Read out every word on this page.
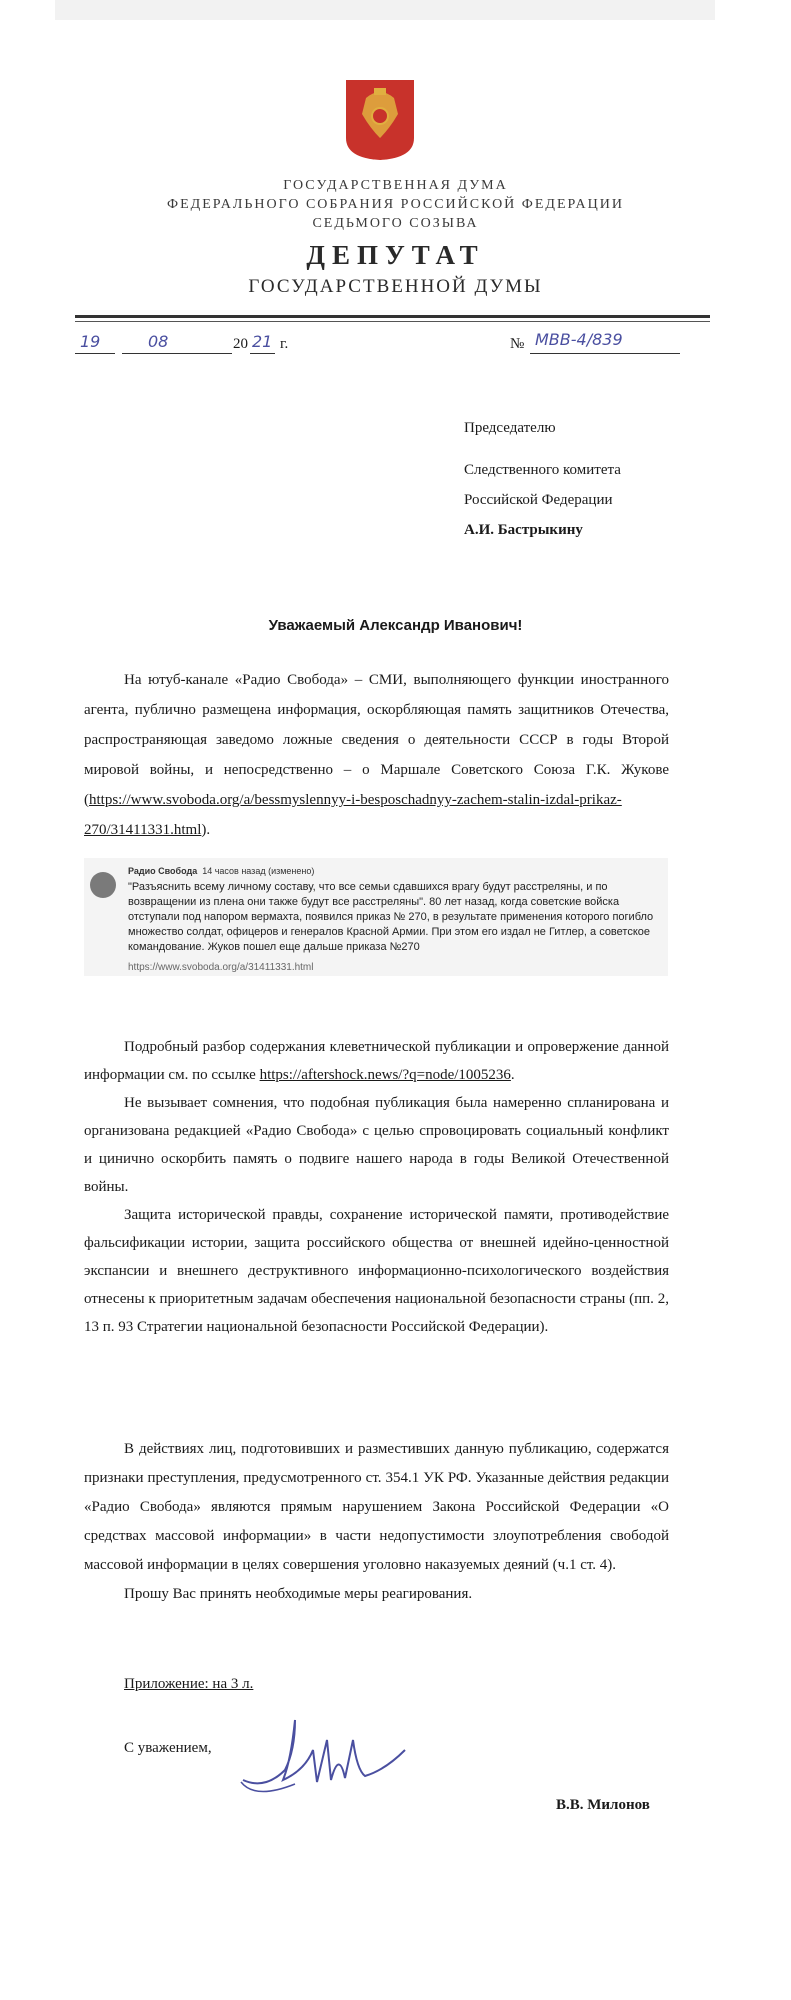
ГОСУДАРСТВЕННАЯ ДУМА
ФЕДЕРАЛЬНОГО СОБРАНИЯ РОССИЙСКОЙ ФЕДЕРАЦИИ
СЕДЬМОГО СОЗЫВА
ДЕПУТАТ
ГОСУДАРСТВЕННОЙ ДУМЫ
19	08	20 21 г.	№ МВВ-4/839
Председателю
Следственного комитета
Российской Федерации
А.И. Бастрыкину
Уважаемый Александр Иванович!

На ютуб-канале «Радио Свобода» – СМИ, выполняющего функции иностранного агента, публично размещена информация, оскорбляющая память защитников Отечества, распространяющая заведомо ложные сведения о деятельности СССР в годы Второй мировой войны, и непосредственно – о Маршале Советского Союза Г.К. Жукове (https://www.svoboda.org/a/bessmyslennyy-i-besposchadnyy-zachem-stalin-izdal-prikaz-270/31411331.html).

Радио Свобода 14 часов назад (изменено)
"Разъяснить всему личному составу, что все семьи сдавшихся врагу будут расстреляны, и по возвращении из плена они также будут все расстреляны". 80 лет назад, когда советские войска отступали под напором вермахта, появился приказ № 270, в результате применения которого погибло множество солдат, офицеров и генералов Красной Армии. При этом его издал не Гитлер, а советское командование. Жуков пошел еще дальше приказа №270
https://www.svoboda.org/a/31411331.html

Подробный разбор содержания клеветнической публикации и опровержение данной информации см. по ссылке https://aftershock.news/?q=node/1005236.

Не вызывает сомнения, что подобная публикация была намеренно спланирована и организована редакцией «Радио Свобода» с целью спровоцировать социальный конфликт и цинично оскорбить память о подвиге нашего народа в годы Великой Отечественной войны.

Защита исторической правды, сохранение исторической памяти, противодействие фальсификации истории, защита российского общества от внешней идейно-ценностной экспансии и внешнего деструктивного информационно-психологического воздействия отнесены к приоритетным задачам обеспечения национальной безопасности страны (пп. 2, 13 п. 93 Стратегии национальной безопасности Российской Федерации).

В действиях лиц, подготовивших и разместивших данную публикацию, содержатся признаки преступления, предусмотренного ст. 354.1 УК РФ. Указанные действия редакции «Радио Свобода» являются прямым нарушением Закона Российской Федерации «О средствах массовой информации» в части недопустимости злоупотребления свободой массовой информации в целях совершения уголовно наказуемых деяний (ч.1 ст. 4).

Прошу Вас принять необходимые меры реагирования.

Приложение: на 3 л.
С уважением,
В.В. Милонов
